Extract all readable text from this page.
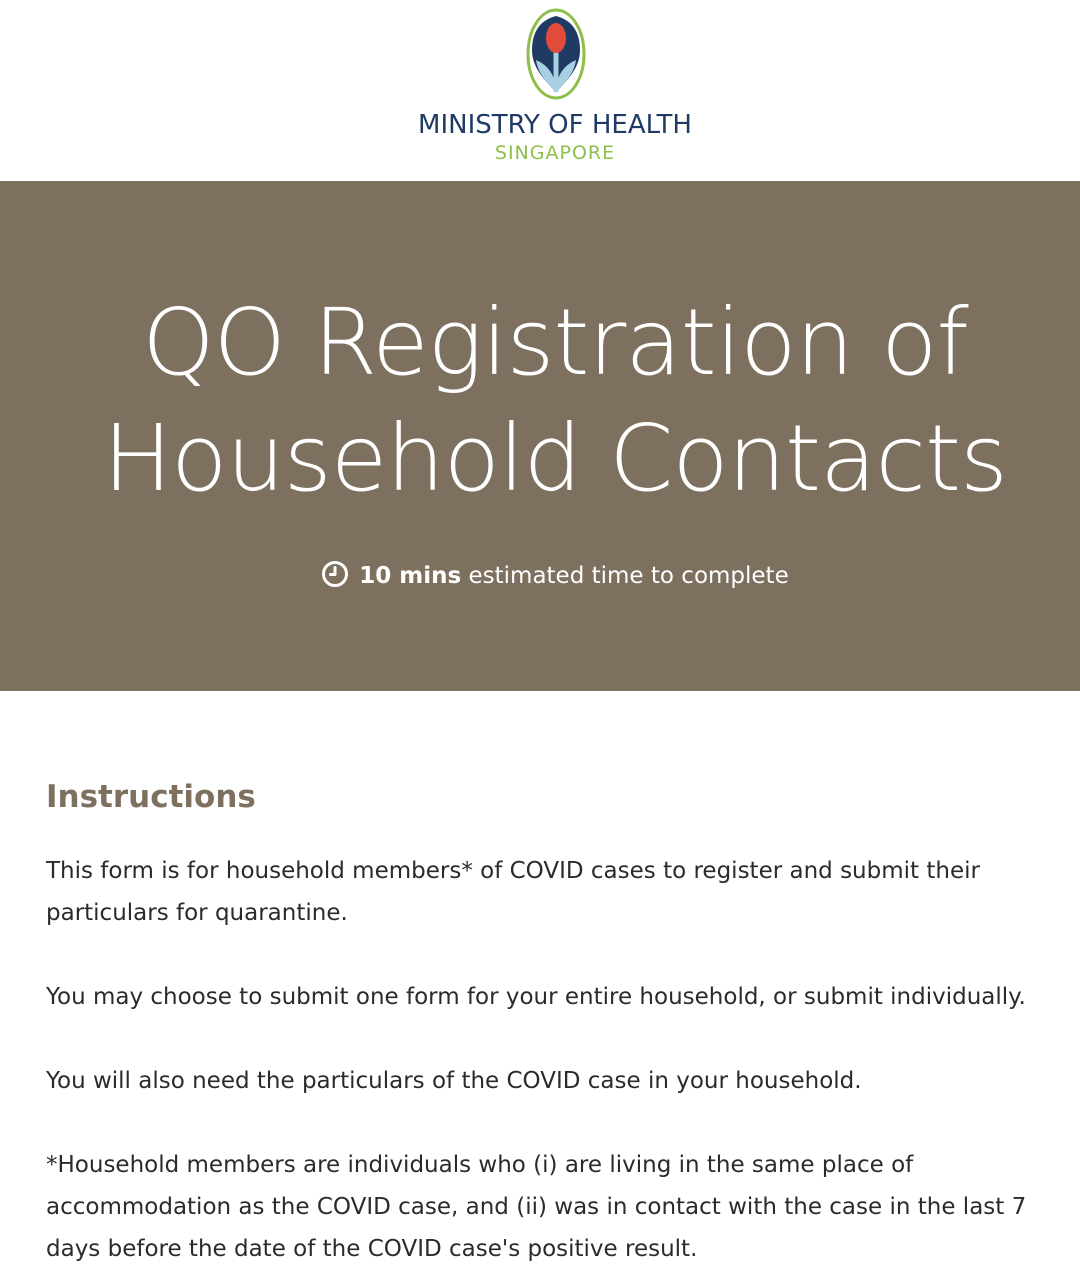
MINISTRY OF HEALTH
SINGAPORE
QO Registration of
Household Contacts
10 mins estimated time to complete
Instructions

This form is for household members* of COVID cases to register and submit their particulars for quarantine.

You may choose to submit one form for your entire household, or submit individually.

You will also need the particulars of the COVID case in your household.

*Household members are individuals who (i) are living in the same place of accommodation as the COVID case, and (ii) was in contact with the case in the last 7 days before the date of the COVID case's positive result.
